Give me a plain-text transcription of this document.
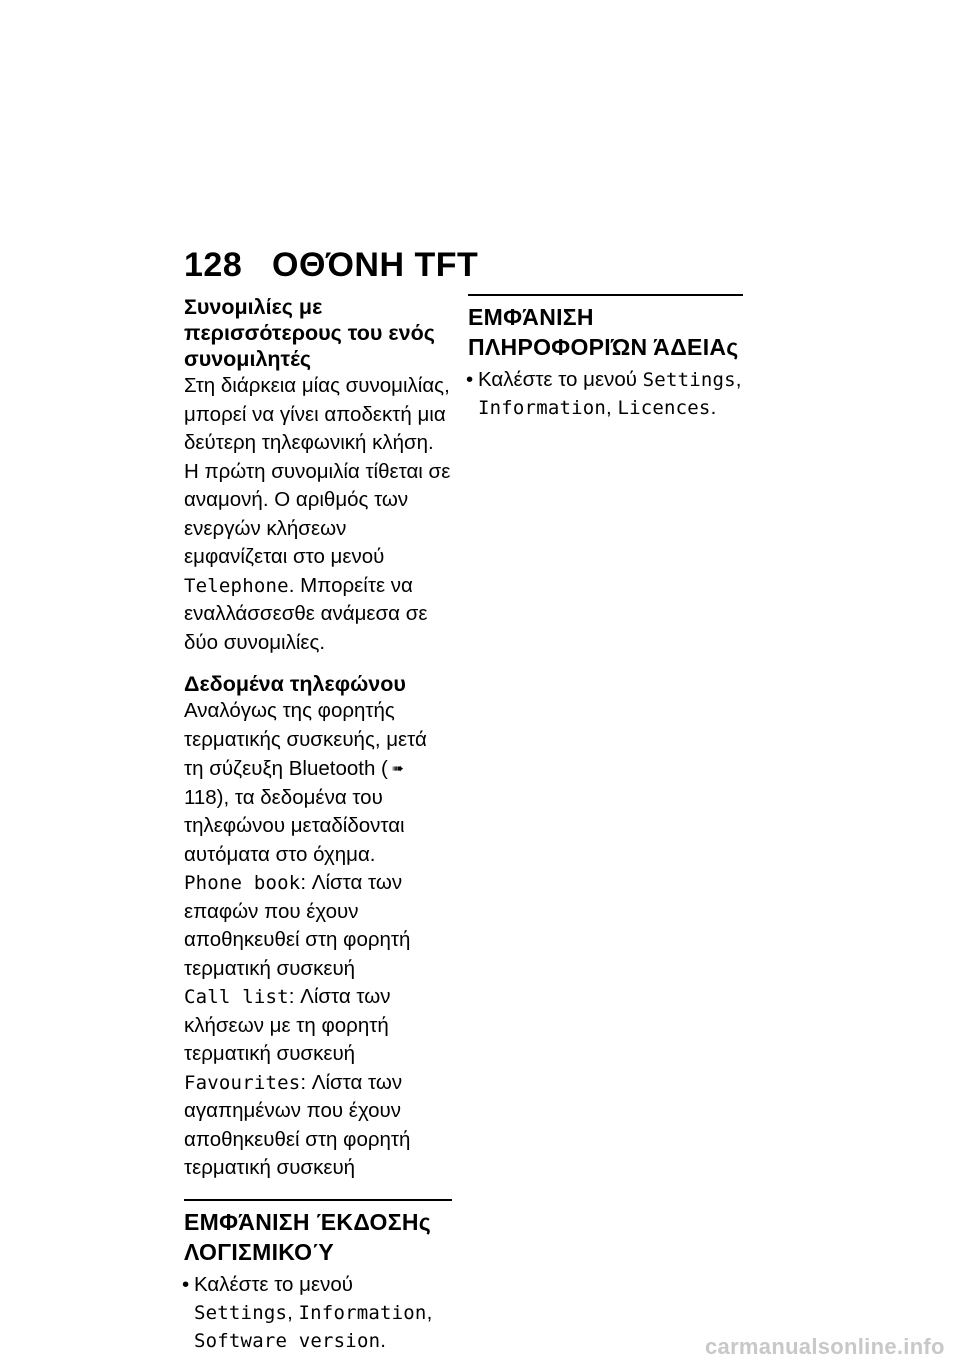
128 ΟΘΌΝΗ TFT

Συνομιλίες με περισσότερους του ενός συνομιλητές

Στη διάρκεια μίας συνομιλίας, μπορεί να γίνει αποδεκτή μια δεύτερη τηλεφωνική κλήση. Η πρώτη συνομιλία τίθεται σε αναμονή. Ο αριθμός των ενεργών κλήσεων εμφανίζεται στο μενού Telephone. Μπορείτε να εναλλάσσεσθε ανάμεσα σε δύο συνομιλίες.

Δεδομένα τηλεφώνου

Αναλόγως της φορητής τερματικής συσκευής, μετά τη σύζευξη Bluetooth ( ➠118), τα δεδομένα του τηλεφώνου μεταδίδονται αυτόματα στο όχημα.

Phone book: Λίστα των επαφών που έχουν αποθηκευθεί στη φορητή τερματική συσκευή

Call list: Λίστα των κλήσεων με τη φορητή τερματική συσκευή

Favourites: Λίστα των αγαπημένων που έχουν αποθηκευθεί στη φορητή τερματική συσκευή

ΕΜΦΆΝΙΣΗ ΈΚΔΟΣΗς ΛΟΓΙΣΜΙΚΟΎ

• Καλέστε το μενού Settings, Information, Software version.

ΕΜΦΆΝΙΣΗ ΠΛΗΡΟΦΟΡΙΏΝ ΆΔΕΙΑς

• Καλέστε το μενού Settings, Information, Licences.

carmanualsonline.info
